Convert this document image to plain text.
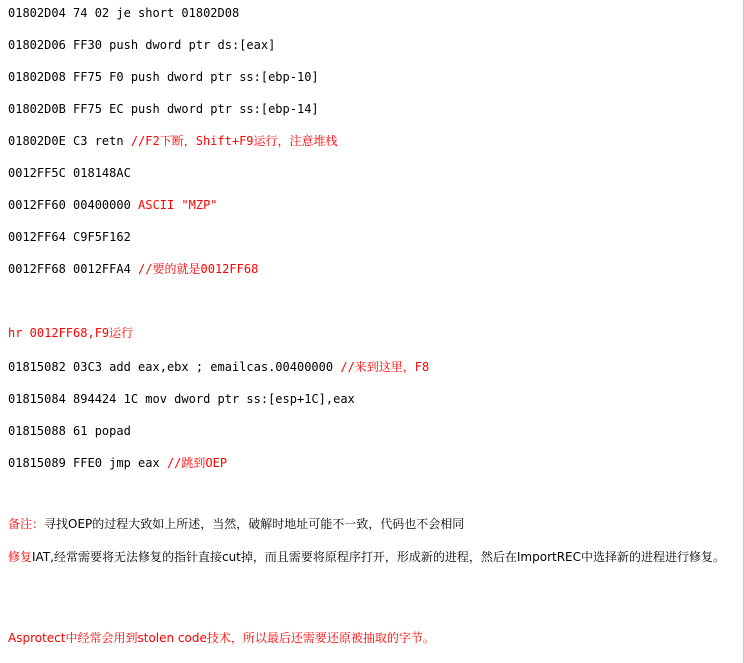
01802D04 74 02 je short 01802D08
01802D06 FF30 push dword ptr ds:[eax]
01802D08 FF75 F0 push dword ptr ss:[ebp-10]
01802D0B FF75 EC push dword ptr ss:[ebp-14]
01802D0E C3 retn //F2下断，Shift+F9运行，注意堆栈
0012FF5C 018148AC
0012FF60 00400000 ASCII "MZP"
0012FF64 C9F5F162
0012FF68 0012FFA4 //要的就是0012FF68
hr 0012FF68,F9运行
01815082 03C3 add eax,ebx ; emailcas.00400000 //来到这里，F8
01815084 894424 1C mov dword ptr ss:[esp+1C],eax
01815088 61 popad
01815089 FFE0 jmp eax //跳到OEP
备注：寻找OEP的过程大致如上所述，当然，破解时地址可能不一致，代码也不会相同
修复IAT,经常需要将无法修复的指针直接cut掉，而且需要将原程序打开，形成新的进程，然后在ImportREC中选择新的进程进行修复。
Asprotect中经常会用到stolen code技术，所以最后还需要还原被抽取的字节。
